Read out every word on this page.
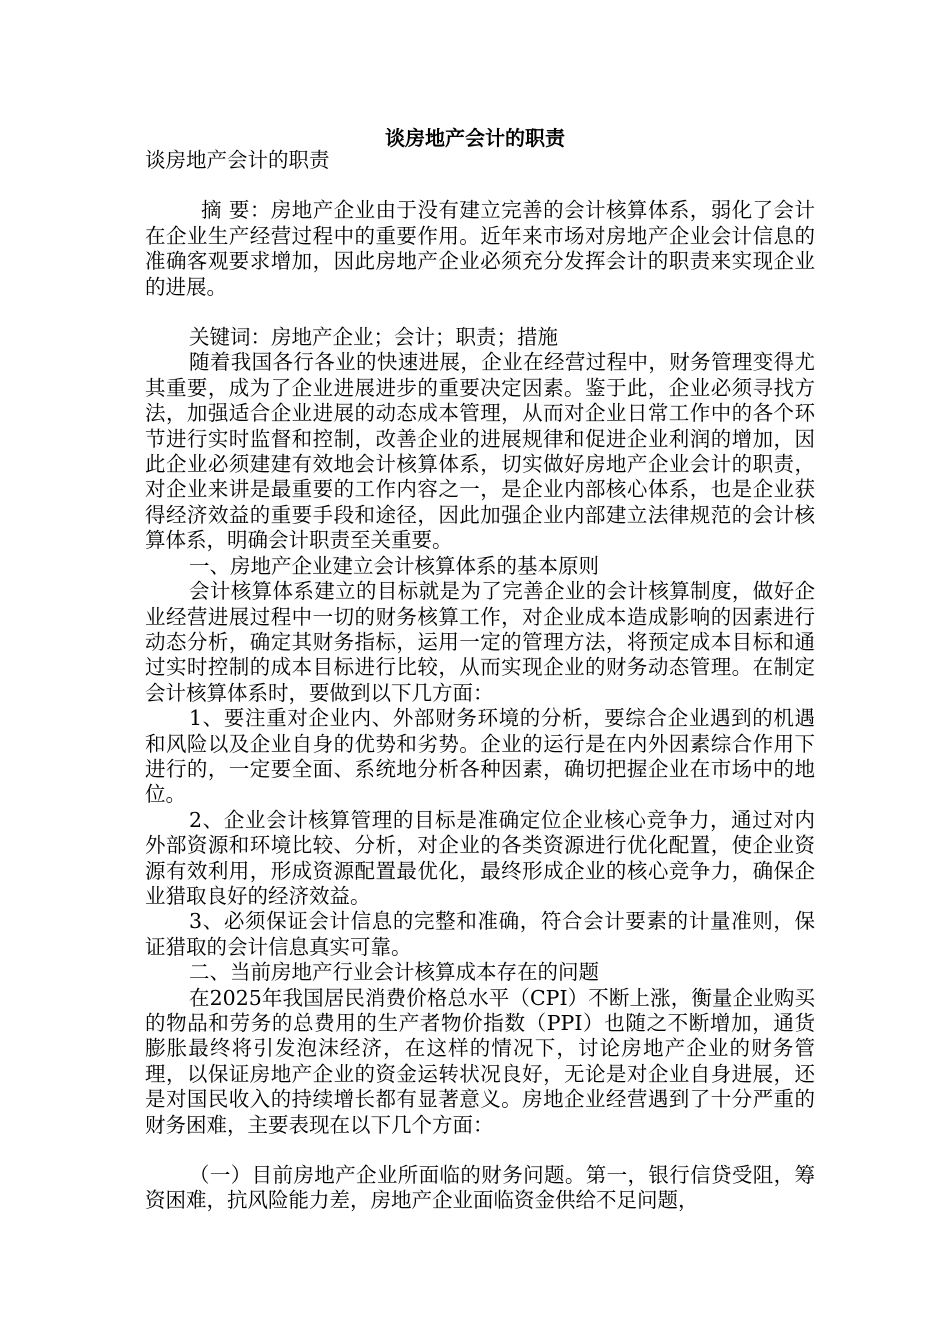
谈房地产会计的职责

谈房地产会计的职责

摘 要：房地产企业由于没有建立完善的会计核算体系，弱化了会计在企业生产经营过程中的重要作用。近年来市场对房地产企业会计信息的准确客观要求增加，因此房地产企业必须充分发挥会计的职责来实现企业的进展。

关键词：房地产企业；会计；职责；措施

随着我国各行各业的快速进展，企业在经营过程中，财务管理变得尤其重要，成为了企业进展进步的重要决定因素。鉴于此，企业必须寻找方法，加强适合企业进展的动态成本管理，从而对企业日常工作中的各个环节进行实时监督和控制，改善企业的进展规律和促进企业利润的增加，因此企业必须建建有效地会计核算体系，切实做好房地产企业会计的职责，对企业来讲是最重要的工作内容之一，是企业内部核心体系，也是企业获得经济效益的重要手段和途径，因此加强企业内部建立法律规范的会计核算体系，明确会计职责至关重要。

一、房地产企业建立会计核算体系的基本原则

会计核算体系建立的目标就是为了完善企业的会计核算制度，做好企业经营进展过程中一切的财务核算工作，对企业成本造成影响的因素进行动态分析，确定其财务指标，运用一定的管理方法，将预定成本目标和通过实时控制的成本目标进行比较，从而实现企业的财务动态管理。在制定会计核算体系时，要做到以下几方面：

1、要注重对企业内、外部财务环境的分析，要综合企业遇到的机遇和风险以及企业自身的优势和劣势。企业的运行是在内外因素综合作用下进行的，一定要全面、系统地分析各种因素，确切把握企业在市场中的地位。

2、企业会计核算管理的目标是准确定位企业核心竞争力，通过对内外部资源和环境比较、分析，对企业的各类资源进行优化配置，使企业资源有效利用，形成资源配置最优化，最终形成企业的核心竞争力，确保企业猎取良好的经济效益。

3、必须保证会计信息的完整和准确，符合会计要素的计量准则，保证猎取的会计信息真实可靠。

二、当前房地产行业会计核算成本存在的问题

在2025年我国居民消费价格总水平（CPI）不断上涨，衡量企业购买的物品和劳务的总费用的生产者物价指数（PPI）也随之不断增加，通货膨胀最终将引发泡沫经济，在这样的情况下，讨论房地产企业的财务管理，以保证房地产企业的资金运转状况良好，无论是对企业自身进展，还是对国民收入的持续增长都有显著意义。房地企业经营遇到了十分严重的财务困难，主要表现在以下几个方面：

（一）目前房地产企业所面临的财务问题。第一，银行信贷受阻，筹资困难，抗风险能力差，房地产企业面临资金供给不足问题，
